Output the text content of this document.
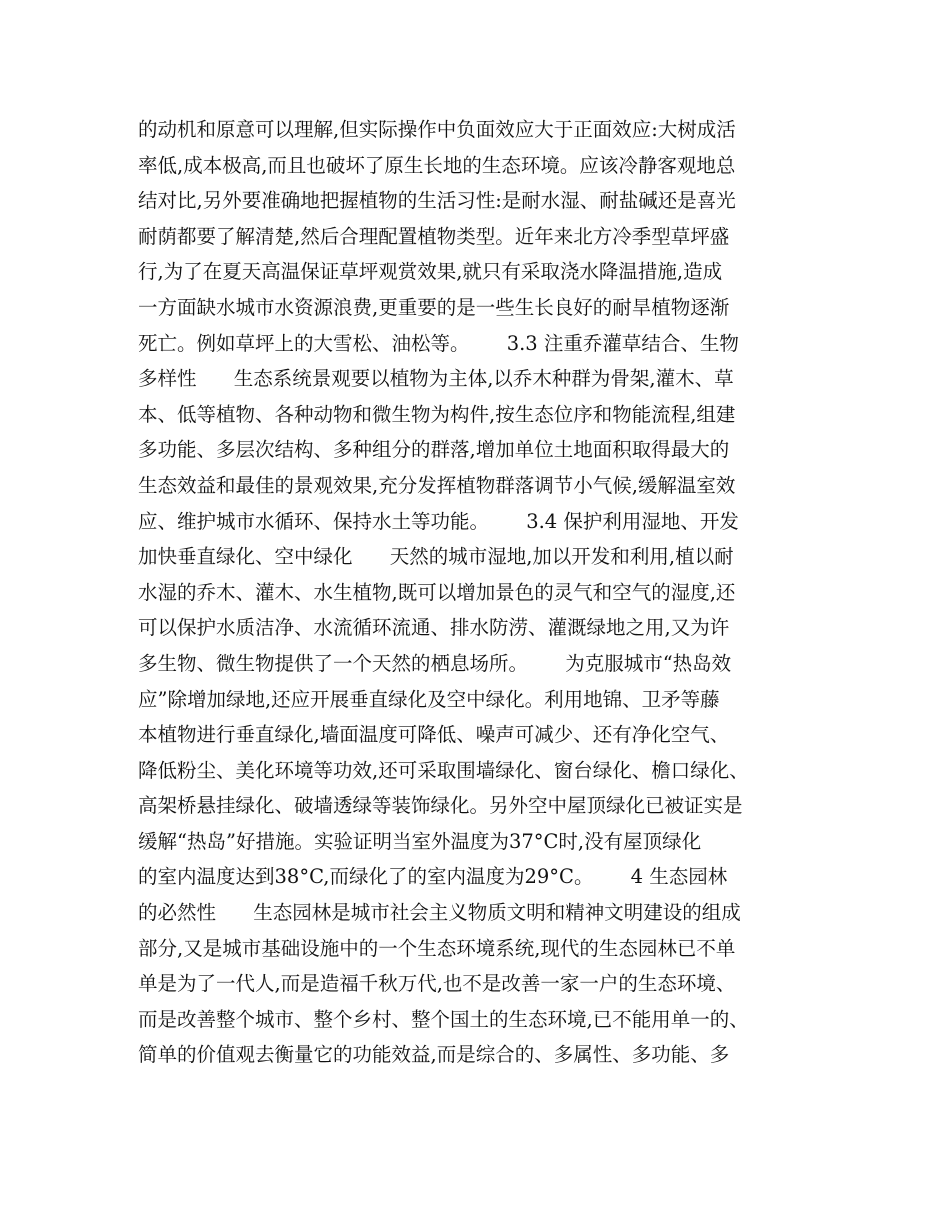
的动机和原意可以理解,但实际操作中负面效应大于正面效应:大树成活
率低,成本极高,而且也破坏了原生长地的生态环境。应该冷静客观地总
结对比,另外要准确地把握植物的生活习性:是耐水湿、耐盐碱还是喜光
耐荫都要了解清楚,然后合理配置植物类型。近年来北方冷季型草坪盛
行,为了在夏天高温保证草坪观赏效果,就只有采取浇水降温措施,造成
一方面缺水城市水资源浪费,更重要的是一些生长良好的耐旱植物逐渐
死亡。例如草坪上的大雪松、油松等。      3.3 注重乔灌草结合、生物
多样性      生态系统景观要以植物为主体,以乔木种群为骨架,灌木、草
本、低等植物、各种动物和微生物为构件,按生态位序和物能流程,组建
多功能、多层次结构、多种组分的群落,增加单位土地面积取得最大的
生态效益和最佳的景观效果,充分发挥植物群落调节小气候,缓解温室效
应、维护城市水循环、保持水土等功能。      3.4 保护利用湿地、开发
加快垂直绿化、空中绿化      天然的城市湿地,加以开发和利用,植以耐
水湿的乔木、灌木、水生植物,既可以增加景色的灵气和空气的湿度,还
可以保护水质洁净、水流循环流通、排水防涝、灌溉绿地之用,又为许
多生物、微生物提供了一个天然的栖息场所。      为克服城市“热岛效
应”除增加绿地,还应开展垂直绿化及空中绿化。利用地锦、卫矛等藤
本植物进行垂直绿化,墙面温度可降低、噪声可减少、还有净化空气、
降低粉尘、美化环境等功效,还可采取围墙绿化、窗台绿化、檐口绿化、
高架桥悬挂绿化、破墙透绿等装饰绿化。另外空中屋顶绿化已被证实是
缓解“热岛”好措施。实验证明当室外温度为37°C时,没有屋顶绿化
的室内温度达到38°C,而绿化了的室内温度为29°C。      4 生态园林
的必然性      生态园林是城市社会主义物质文明和精神文明建设的组成
部分,又是城市基础设施中的一个生态环境系统,现代的生态园林已不单
单是为了一代人,而是造福千秋万代,也不是改善一家一户的生态环境、
而是改善整个城市、整个乡村、整个国土的生态环境,已不能用单一的、
简单的价值观去衡量它的功能效益,而是综合的、多属性、多功能、多
